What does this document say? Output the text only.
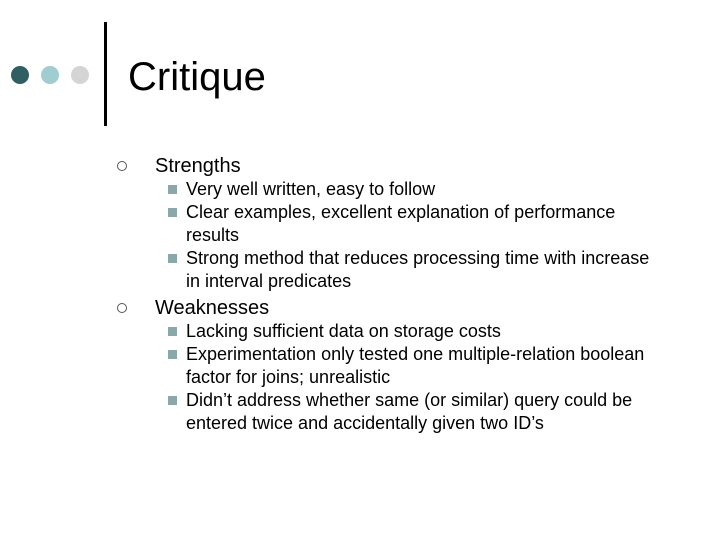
Critique
Strengths
Very well written, easy to follow
Clear examples, excellent explanation of performance results
Strong method that reduces processing time with increase in interval predicates
Weaknesses
Lacking sufficient data on storage costs
Experimentation only tested one multiple-relation boolean factor for joins; unrealistic
Didn’t address whether same (or similar) query could be entered twice and accidentally given two ID’s
